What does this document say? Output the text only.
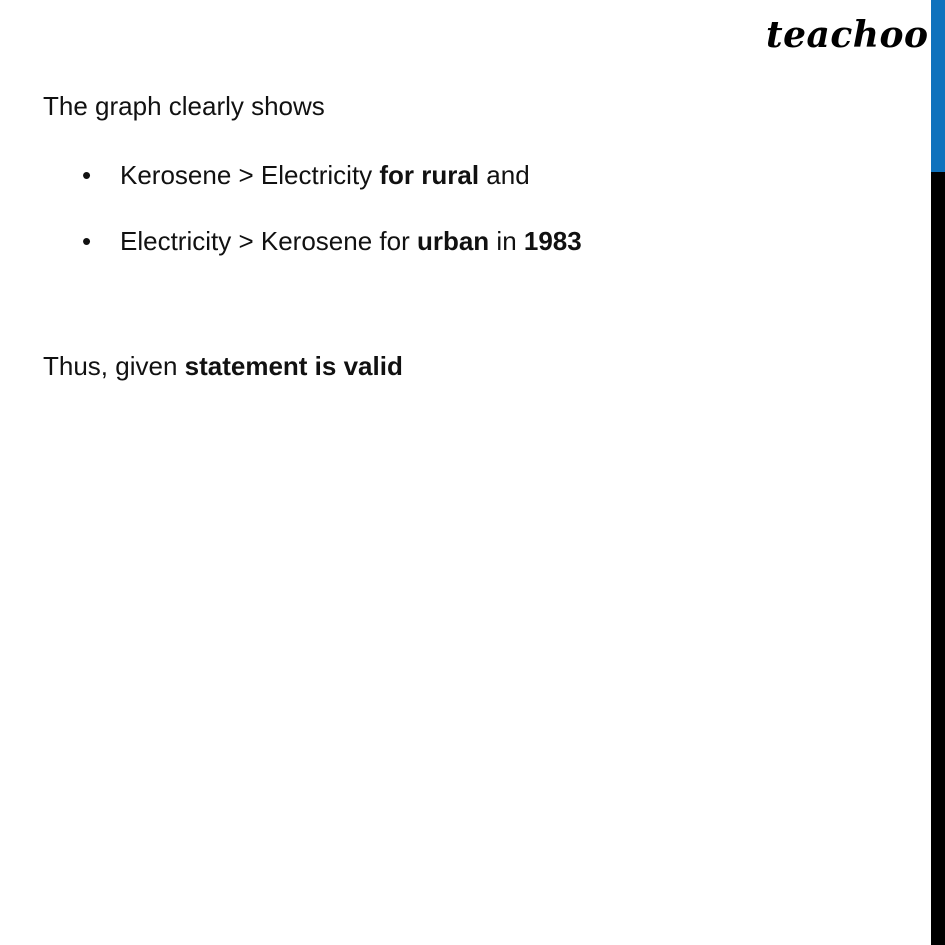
teachoo

The graph clearly shows

• Kerosene > Electricity for rural and
• Electricity > Kerosene for urban in 1983

Thus, given statement is valid
